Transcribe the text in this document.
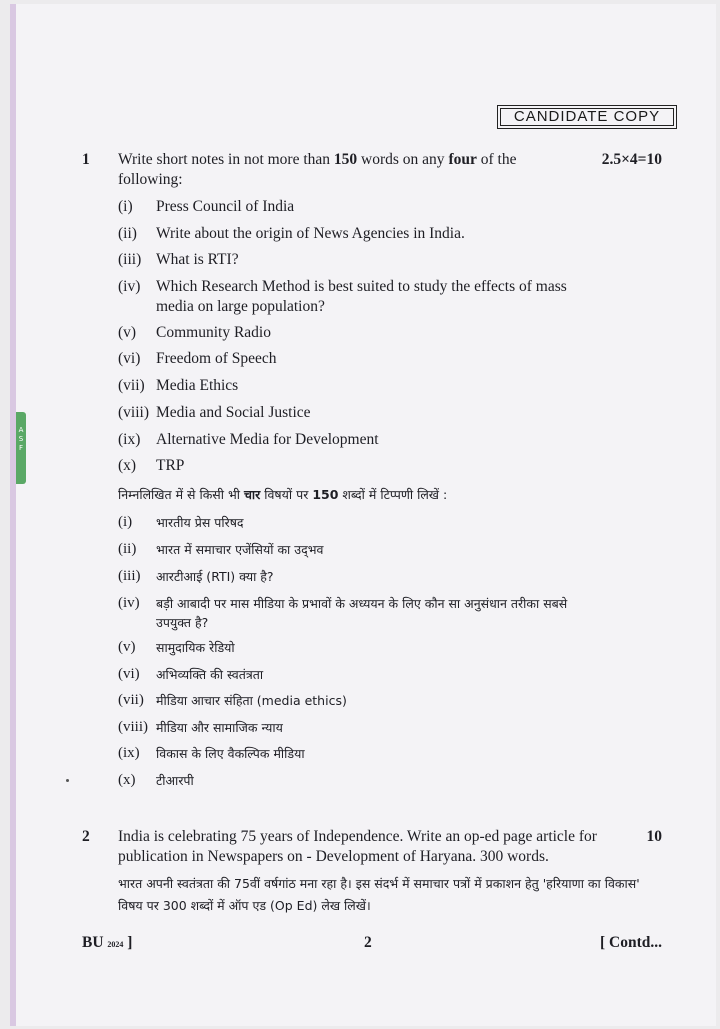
A S F
CANDIDATE COPY
1 Write short notes in not more than 150 words on any four of the following:
2.5×4=10
(i) Press Council of India
(ii) Write about the origin of News Agencies in India.
(iii) What is RTI?
(iv) Which Research Method is best suited to study the effects of mass media on large population?
(v) Community Radio
(vi) Freedom of Speech
(vii) Media Ethics
(viii) Media and Social Justice
(ix) Alternative Media for Development
(x) TRP
निम्नलिखित में से किसी भी चार विषयों पर 150 शब्दों में टिप्पणी लिखें :
(i) भारतीय प्रेस परिषद
(ii) भारत में समाचार एजेंसियों का उद्‌भव
(iii) आरटीआई (RTI) क्या है?
(iv) बड़ी आबादी पर मास मीडिया के प्रभावों के अध्ययन के लिए कौन सा अनुसंधान तरीका सबसे उपयुक्त है?
(v) सामुदायिक रेडियो
(vi) अभिव्यक्ति की स्वतंत्रता
(vii) मीडिया आचार संहिता (media ethics)
(viii) मीडिया और सामाजिक न्याय
(ix) विकास के लिए वैकल्पिक मीडिया
(x) टीआरपी
2 India is celebrating 75 years of Independence. Write an op-ed page article for publication in Newspapers on - Development of Haryana. 300 words.
10
भारत अपनी स्वतंत्रता की 75वीं वर्षगांठ मना रहा है। इस संदर्भ में समाचार पत्रों में प्रकाशन हेतु 'हरियाणा का विकास' विषय पर 300 शब्दों में ऑप एड (Op Ed) लेख लिखें।
BU 2024 ]	2	[ Contd...
